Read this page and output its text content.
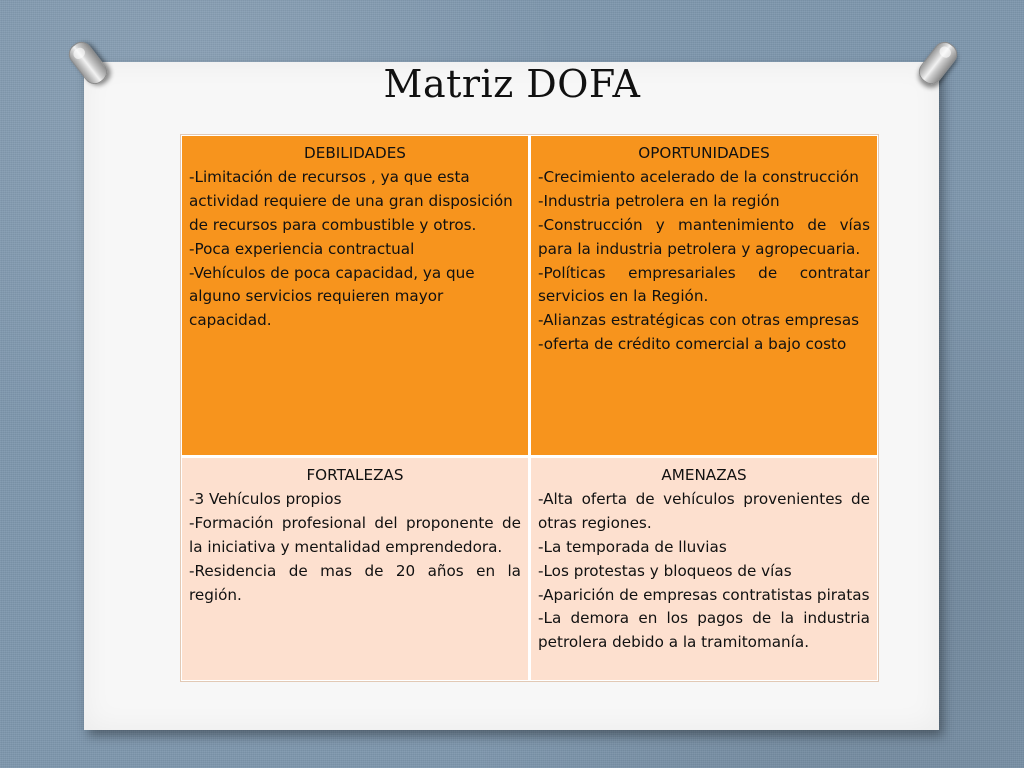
Matriz DOFA
DEBILIDADES
-Limitación de recursos , ya que esta actividad requiere de una gran disposición de recursos para combustible y otros.
-Poca experiencia contractual
-Vehículos de poca capacidad, ya que alguno servicios requieren mayor capacidad.
OPORTUNIDADES
-Crecimiento acelerado de la construcción
-Industria petrolera en la región
-Construcción y mantenimiento de vías para la industria petrolera y agropecuaria.
-Políticas empresariales de contratar servicios en la Región.
-Alianzas estratégicas con otras empresas
-oferta de crédito comercial a bajo costo
FORTALEZAS
-3 Vehículos propios
-Formación profesional del proponente de la iniciativa y mentalidad emprendedora.
-Residencia de mas de 20 años en la región.
AMENAZAS
-Alta oferta de vehículos provenientes de otras regiones.
-La temporada de lluvias
-Los protestas y bloqueos de vías
-Aparición de empresas contratistas piratas
-La demora en los pagos de la industria petrolera debido a la tramitomanía.
